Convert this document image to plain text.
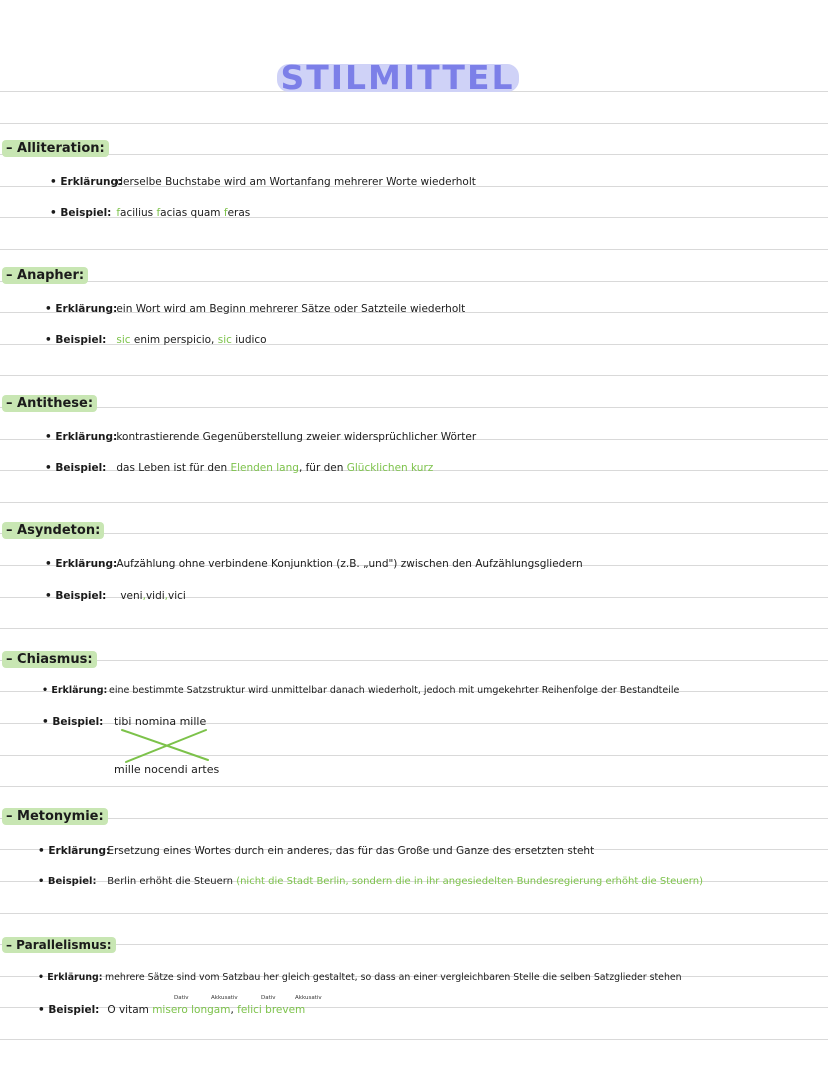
STILMITTEL
– Alliteration:
• Erklärung: derselbe Buchstabe wird am Wortanfang mehrerer Worte wiederholt
• Beispiel: facilius facias quam feras
– Anapher:
• Erklärung: ein Wort wird am Beginn mehrerer Sätze oder Satzteile wiederholt
• Beispiel: sic enim perspicio, sic iudico
– Antithese:
• Erklärung: kontrastierende Gegenüberstellung zweier widersprüchlicher Wörter
• Beispiel: das Leben ist für den Elenden lang, für den Glücklichen kurz
– Asyndeton:
• Erklärung: Aufzählung ohne verbindene Konjunktion (z.B. „und") zwischen den Aufzählungsgliedern
• Beispiel: veni,vidi,vici
– Chiasmus:
• Erklärung: eine bestimmte Satzstruktur wird unmittelbar danach wiederholt, jedoch mit umgekehrter Reihenfolge der Bestandteile
• Beispiel: tibi nomina mille
mille nocendi artes
– Metonymie:
• Erklärung: Ersetzung eines Wortes durch ein anderes, das für das Große und Ganze des ersetzten steht
• Beispiel: Berlin erhöht die Steuern (nicht die Stadt Berlin, sondern die in ihr angesiedelten Bundesregierung erhöht die Steuern)
– Parallelismus:
• Erklärung: mehrere Sätze sind vom Satzbau her gleich gestaltet, so dass an einer vergleichbaren Stelle die selben Satzglieder stehen
Dativ	Akkusativ	Dativ	Akkusativ
• Beispiel: O vitam misero longam, felici brevem
